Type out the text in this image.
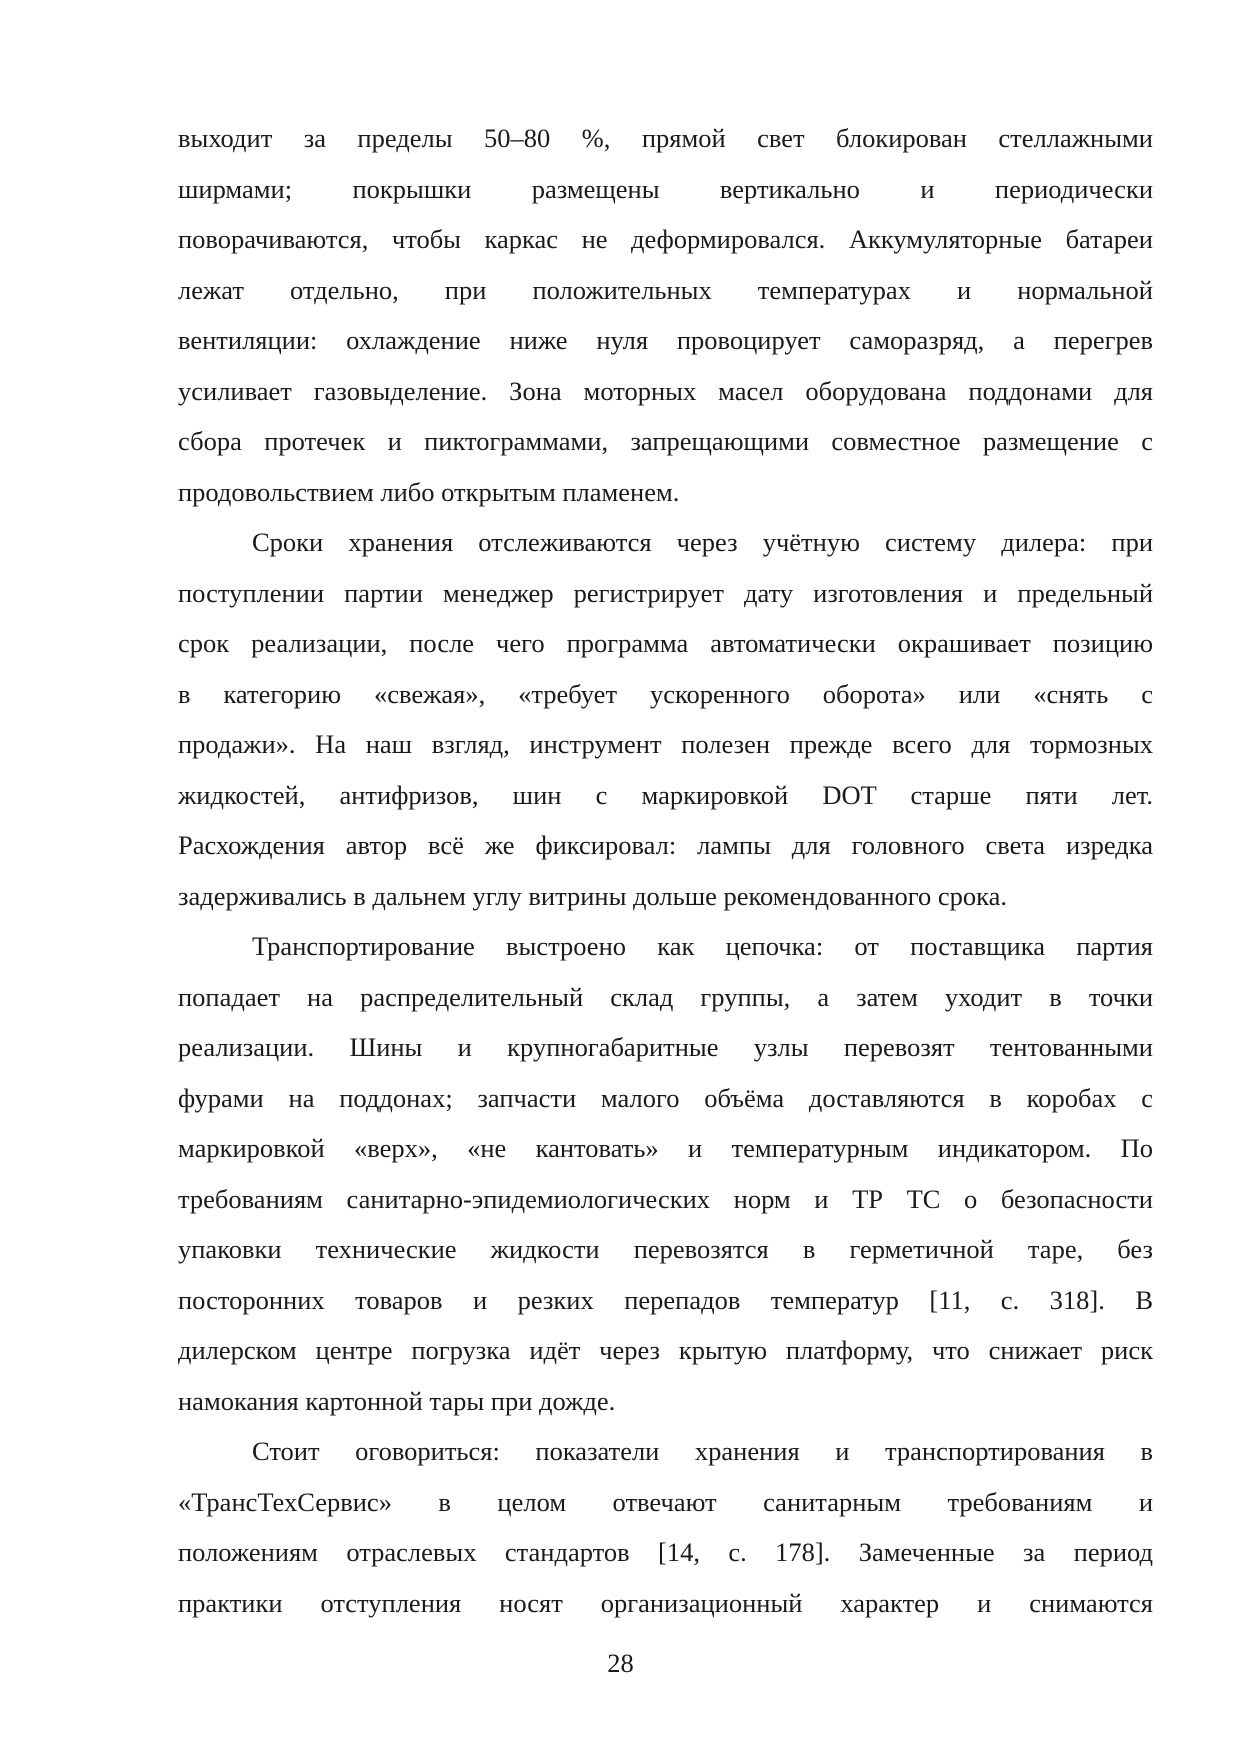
выходит за пределы 50–80 %, прямой свет блокирован стеллажными
ширмами; покрышки размещены вертикально и периодически
поворачиваются, чтобы каркас не деформировался. Аккумуляторные батареи
лежат отдельно, при положительных температурах и нормальной
вентиляции: охлаждение ниже нуля провоцирует саморазряд, а перегрев
усиливает газовыделение. Зона моторных масел оборудована поддонами для
сбора протечек и пиктограммами, запрещающими совместное размещение с
продовольствием либо открытым пламенем.
Сроки хранения отслеживаются через учётную систему дилера: при
поступлении партии менеджер регистрирует дату изготовления и предельный
срок реализации, после чего программа автоматически окрашивает позицию
в категорию «свежая», «требует ускоренного оборота» или «снять с
продажи». На наш взгляд, инструмент полезен прежде всего для тормозных
жидкостей, антифризов, шин с маркировкой DOT старше пяти лет.
Расхождения автор всё же фиксировал: лампы для головного света изредка
задерживались в дальнем углу витрины дольше рекомендованного срока.
Транспортирование выстроено как цепочка: от поставщика партия
попадает на распределительный склад группы, а затем уходит в точки
реализации. Шины и крупногабаритные узлы перевозят тентованными
фурами на поддонах; запчасти малого объёма доставляются в коробах с
маркировкой «верх», «не кантовать» и температурным индикатором. По
требованиям санитарно-эпидемиологических норм и ТР ТС о безопасности
упаковки технические жидкости перевозятся в герметичной таре, без
посторонних товаров и резких перепадов температур [11, с. 318]. В
дилерском центре погрузка идёт через крытую платформу, что снижает риск
намокания картонной тары при дожде.
Стоит оговориться: показатели хранения и транспортирования в
«ТрансТехСервис» в целом отвечают санитарным требованиям и
положениям отраслевых стандартов [14, с. 178]. Замеченные за период
практики отступления носят организационный характер и снимаются
28
